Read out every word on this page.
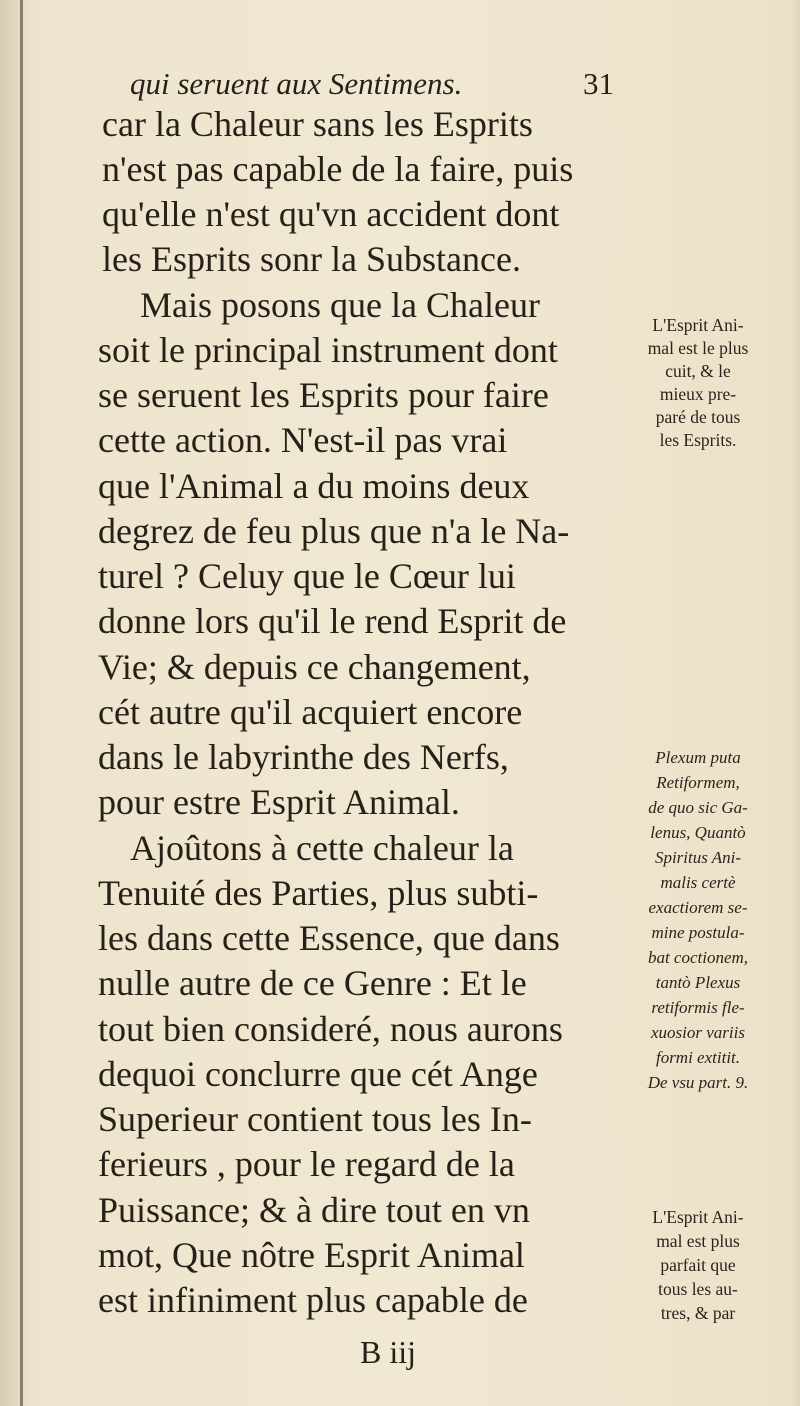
qui seruent aux Sentimens.	31
car la Chaleur sans les Esprits
n'est pas capable de la faire, puis
qu'elle n'est qu'vn accident dont
les Esprits sonr la Substance.
Mais posons que la Chaleur
soit le principal instrument dont
se seruent les Esprits pour faire
cette action. N'est-il pas vrai
que l'Animal a du moins deux
degrez de feu plus que n'a le Na-
turel ? Celuy que le Cœur lui
donne lors qu'il le rend Esprit de
Vie; & depuis ce changement,
cét autre qu'il acquiert encore
dans le labyrinthe des Nerfs,
pour estre Esprit Animal.
Ajoûtons à cette chaleur la
Tenuité des Parties, plus subti-
les dans cette Essence, que dans
nulle autre de ce Genre : Et le
tout bien consideré, nous aurons
dequoi conclurre que cét Ange
Superieur contient tous les In-
ferieurs , pour le regard de la
Puissance; & à dire tout en vn
mot, Que nôtre Esprit Animal
est infiniment plus capable de
L'Esprit Ani-
mal est le plus
cuit, & le
mieux pre-
paré de tous
les Esprits.
Plexum puta
Retiformem,
de quo sic Ga-
lenus, Quantò
Spiritus Ani-
malis certè
exactiorem se-
mine postula-
bat coctionem,
tantò Plexus
retiformis fle-
xuosior variis
formi extitit.
De vsu part. 9.
L'Esprit Ani-
mal est plus
parfait que
tous les au-
tres, & par
B iij
